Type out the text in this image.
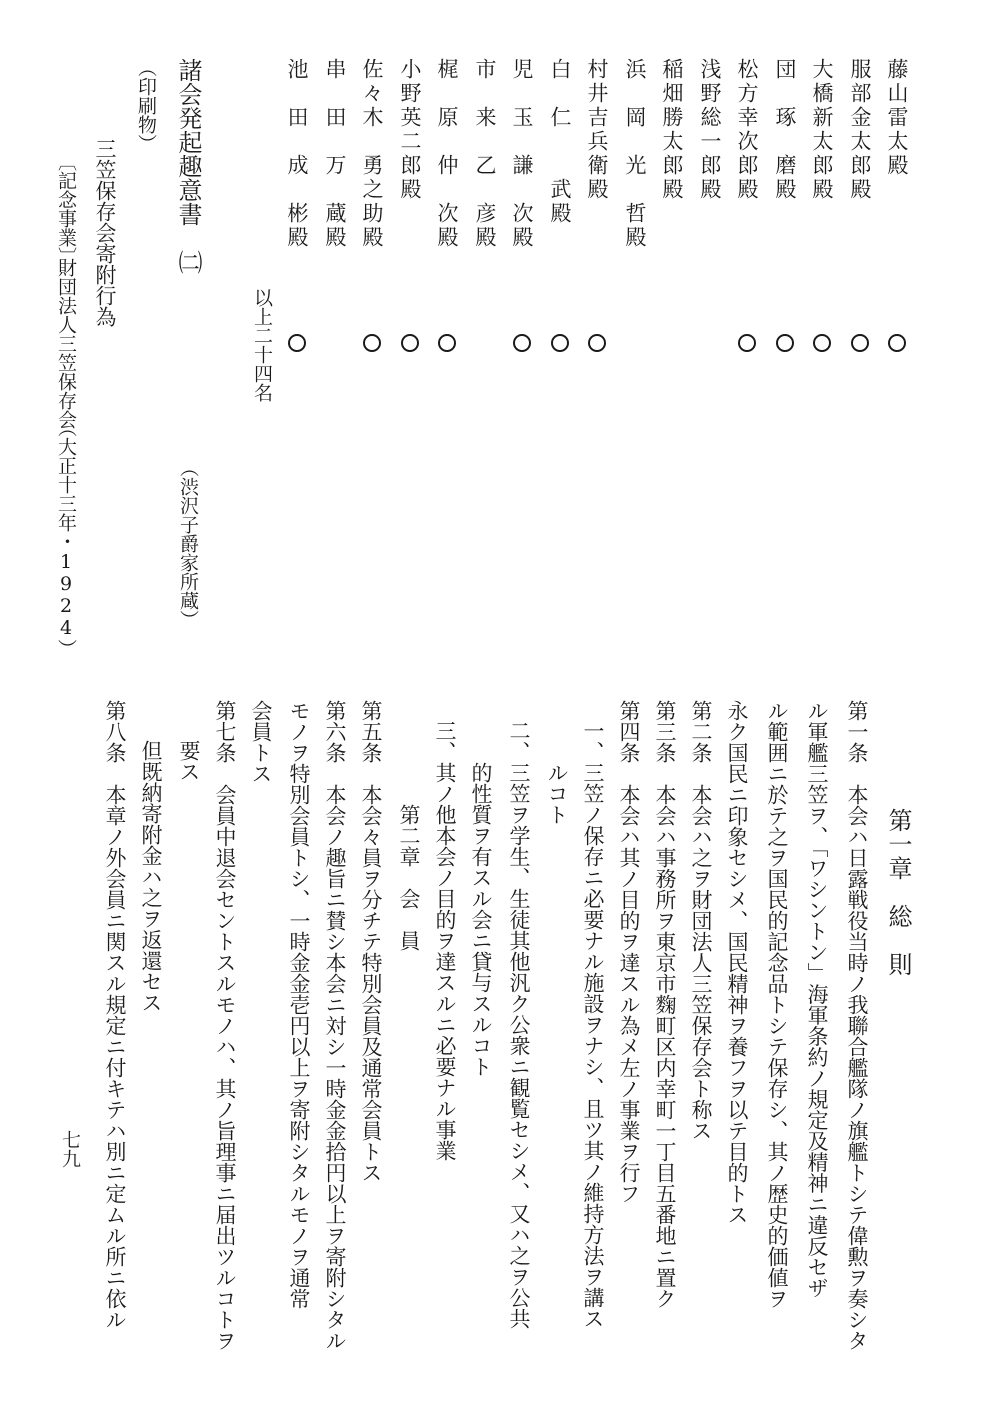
藤山雷太殿
服部金太郎殿
大橋新太郎殿
団　琢　磨殿
松方幸次郎殿
浅野総一郎殿
稲畑勝太郎殿
浜　岡　光　哲殿
村井吉兵衛殿
白　仁　　武殿
児　玉　謙　次殿
市　来　乙　彦殿
梶　原　仲　次殿
小野英二郎殿
佐々木　勇之助殿
串　田　万　蔵殿
池　田　成　彬殿
以上二十四名
諸会発起趣意書　㈡
（渋沢子爵家所蔵）
（印刷物）
三笠保存会寄附行為
〔記念事業〕
財団法人三笠保存会
（大正十三年・1924）
第一章　総　則
第一条　本会ハ日露戦役当時ノ我聯合艦隊ノ旗艦トシテ偉勲ヲ奏シタ
ル軍艦三笠ヲ、「ワシントン」海軍条約ノ規定及精神ニ違反セザ
ル範囲ニ於テ之ヲ国民的記念品トシテ保存シ、其ノ歴史的価値ヲ
永ク国民ニ印象セシメ、国民精神ヲ養フヲ以テ目的トス
第二条　本会ハ之ヲ財団法人三笠保存会ト称ス
第三条　本会ハ事務所ヲ東京市麴町区内幸町一丁目五番地ニ置ク
第四条　本会ハ其ノ目的ヲ達スル為メ左ノ事業ヲ行フ
一、三笠ノ保存ニ必要ナル施設ヲナシ、且ツ其ノ維持方法ヲ講ス
ルコト
二、三笠ヲ学生、生徒其他汎ク公衆ニ観覧セシメ、又ハ之ヲ公共
的性質ヲ有スル会ニ貸与スルコト
三、其ノ他本会ノ目的ヲ達スルニ必要ナル事業
第二章　会　員
第五条　本会々員ヲ分チテ特別会員及通常会員トス
第六条　本会ノ趣旨ニ賛シ本会ニ対シ一時金金拾円以上ヲ寄附シタル
モノヲ特別会員トシ、一時金金壱円以上ヲ寄附シタルモノヲ通常
会員トス
第七条　会員中退会セントスルモノハ、其ノ旨理事ニ届出ツルコトヲ
要ス
但既納寄附金ハ之ヲ返還セス
第八条　本章ノ外会員ニ関スル規定ニ付キテハ別ニ定ムル所ニ依ル
七九
